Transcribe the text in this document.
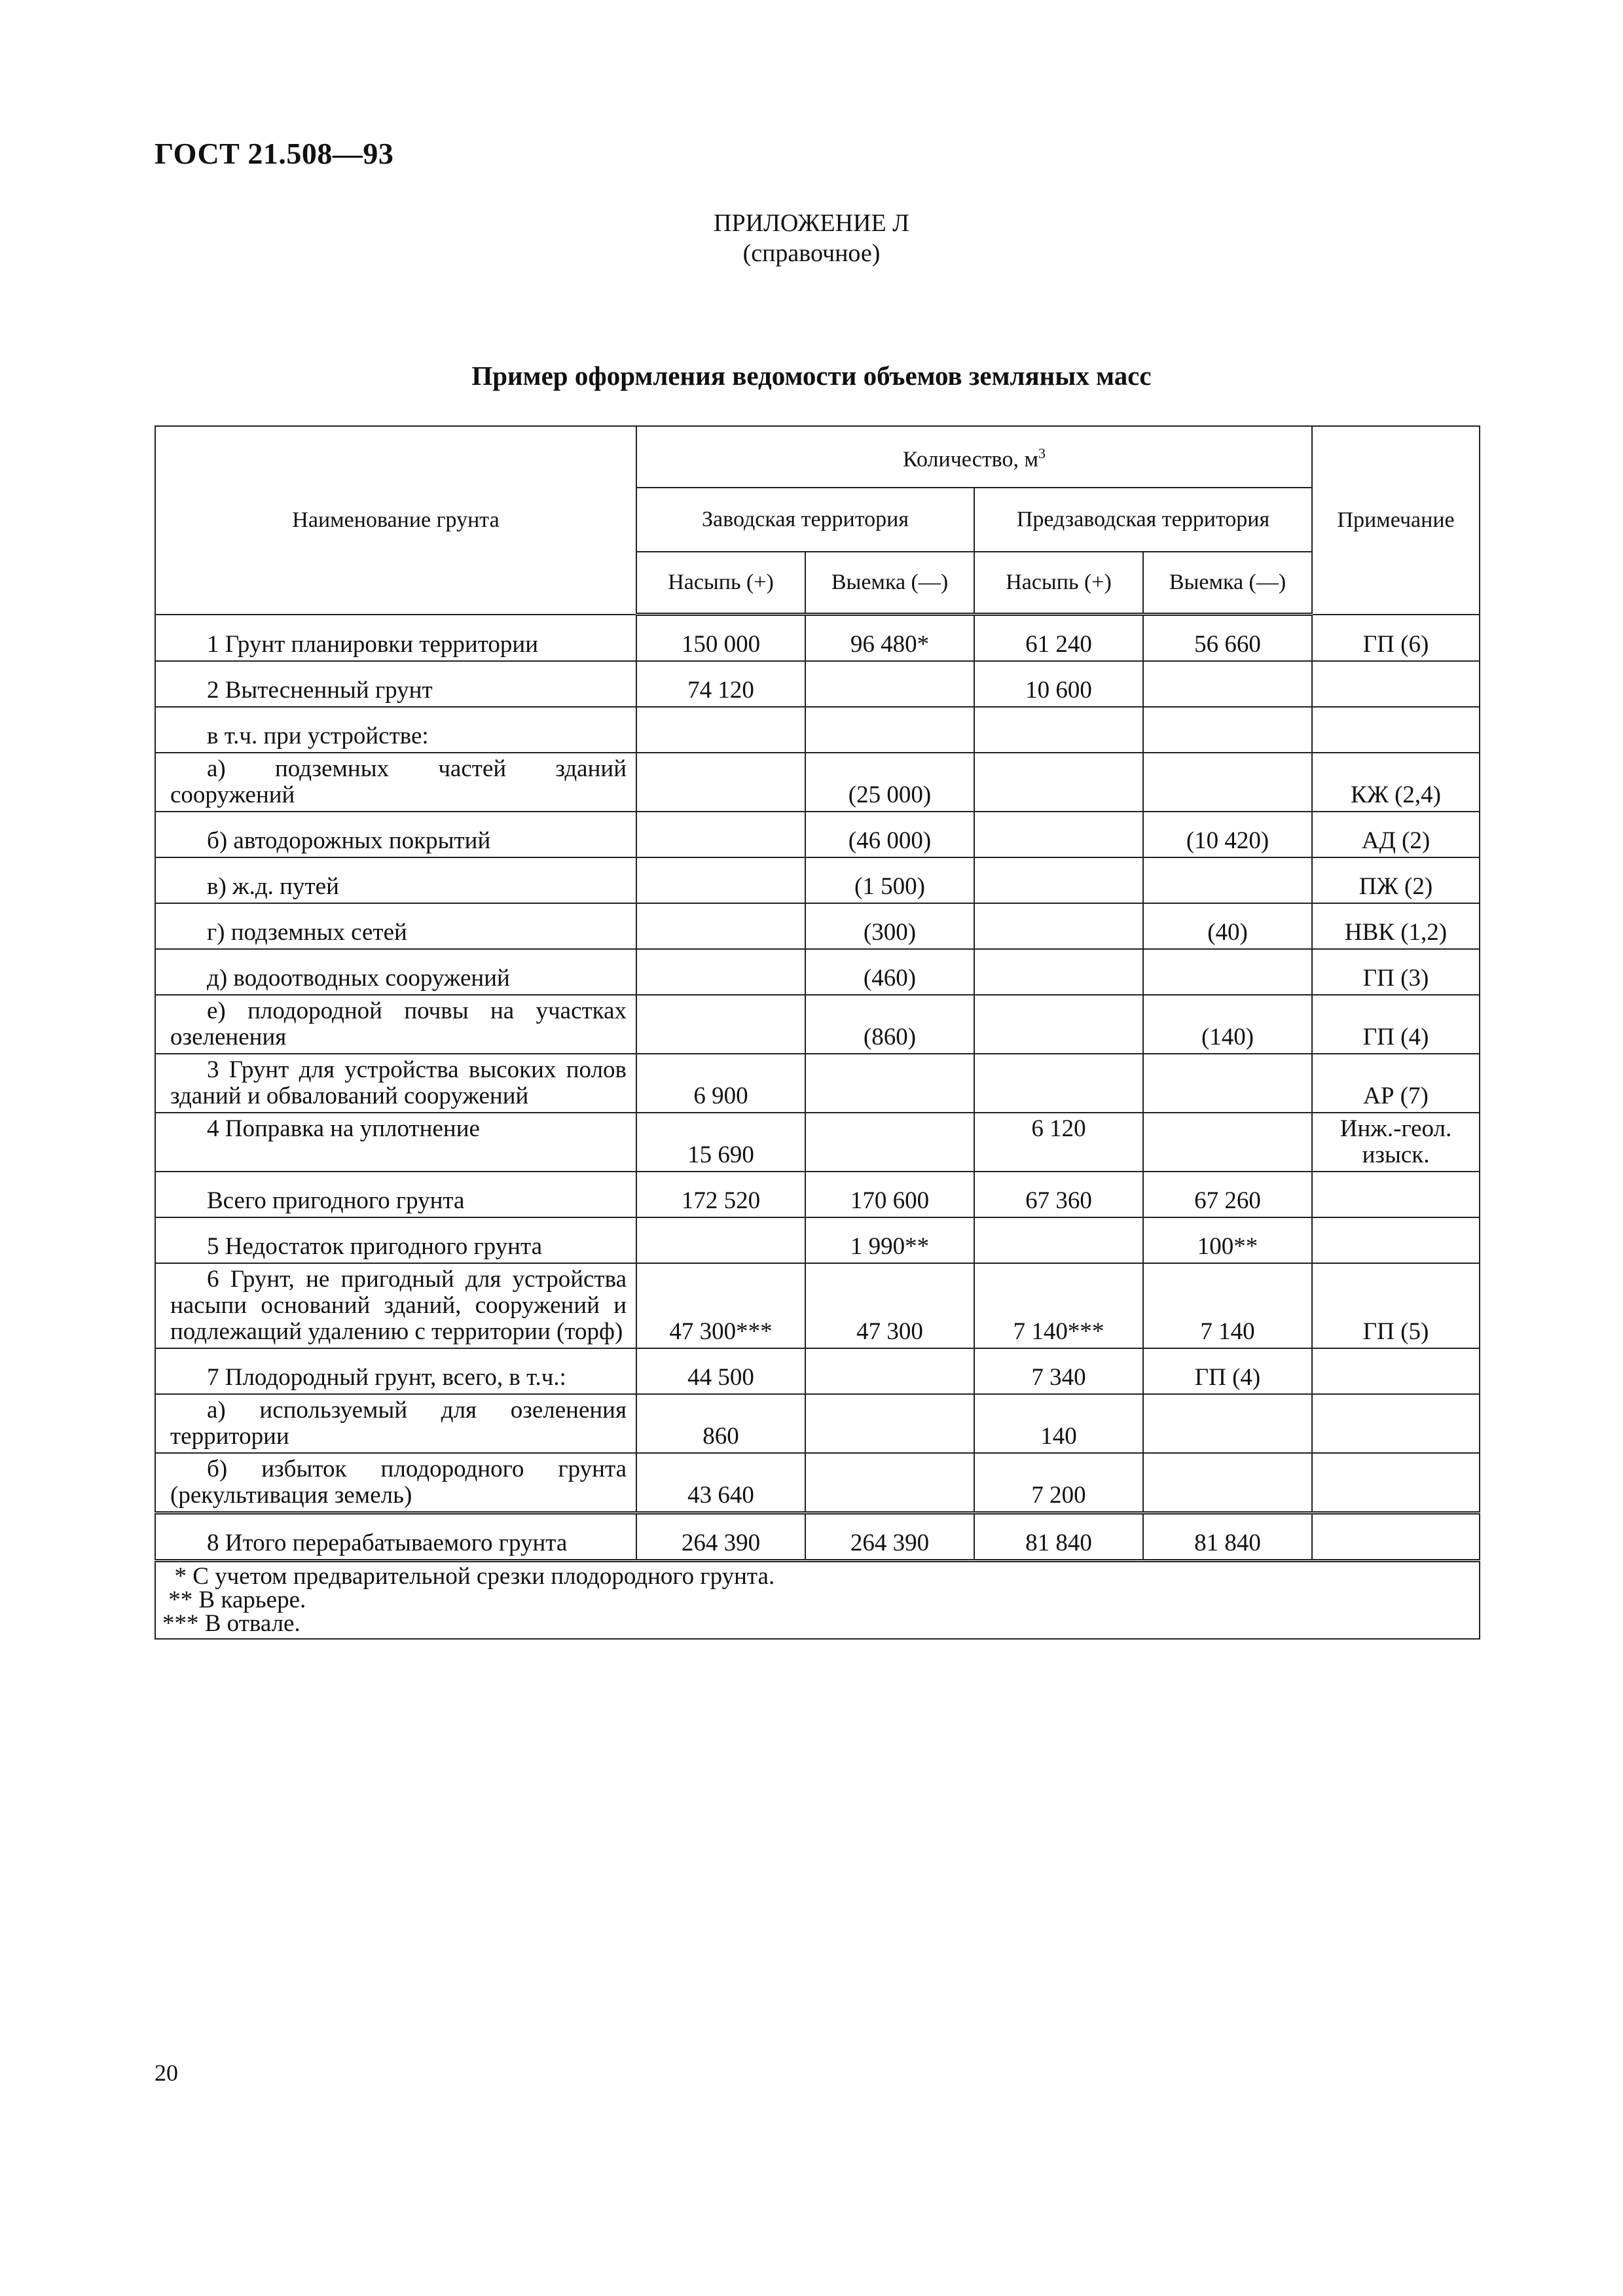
ГОСТ 21.508—93
ПРИЛОЖЕНИЕ Л
(справочное)
Пример оформления ведомости объемов земляных масс
Наименование грунта	Количество, $м^3$				Примечание
	Заводская территория		Предзаводская территория		
	Насыпь (+)	Выемка (—)	Насыпь (+)	Выемка (—)	

1 Грунт планировки территории	150 000	96 480*	61 240	56 660	ГП (6)

2 Вытесненный грунт	74 120		10 600		

в т.ч. при устройстве:					

а) подземных частей зданий сооружений		(25 000)			КЖ (2,4)

б) автодорожных покрытий		(46 000)		(10 420)	АД (2)

в) ж.д. путей		(1 500)			ПЖ (2)

г) подземных сетей		(300)		(40)	НВК (1,2)

д) водоотводных сооружений		(460)			ГП (3)

е) плодородной почвы на участках озеленения		(860)		(140)	ГП (4)

3 Грунт для устройства высоких полов зданий и обвалований сооружений	6 900				АР (7)

4 Поправка на уплотнение	15 690		6 120		Инж.-геол. изыск.

Всего пригодного грунта	172 520	170 600	67 360	67 260	

5 Недостаток пригодного грунта		1 990**		100**	

6 Грунт, не пригодный для устройства насыпи оснований зданий, сооружений и подлежащий удалению с территории (торф)	47 300***	47 300	7 140***	7 140	ГП (5)

7 Плодородный грунт, всего, в т.ч.:	44 500		7 340	ГП (4)	

а) используемый для озеленения территории	860		140		

б) избыток плодородного грунта (рекультивация земель)	43 640		7 200		

8 Итого перерабатываемого грунта	264 390	264 390	81 840	81 840	

* С учетом предварительной срезки плодородного грунта.
** В карьере.
*** В отвале.					
20
